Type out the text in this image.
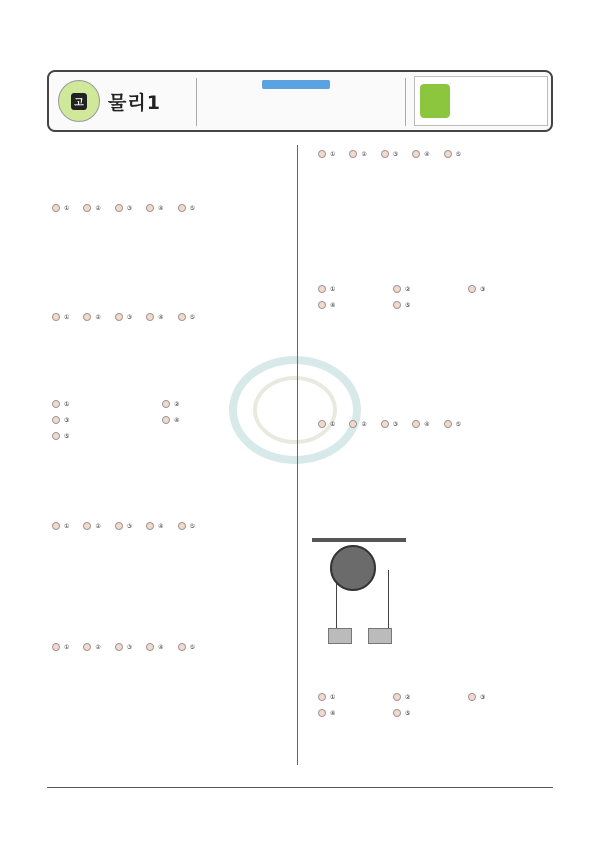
고 물리1
①	②	③	④	⑤
①	②	③	④	⑤
①	②
③	④
⑤
①	②	③	④	⑤
①	②	③	④	⑤
①	②	③	④	⑤
①	②	③
④	⑤
①	②	③	④	⑤
①	②	③
④	⑤
